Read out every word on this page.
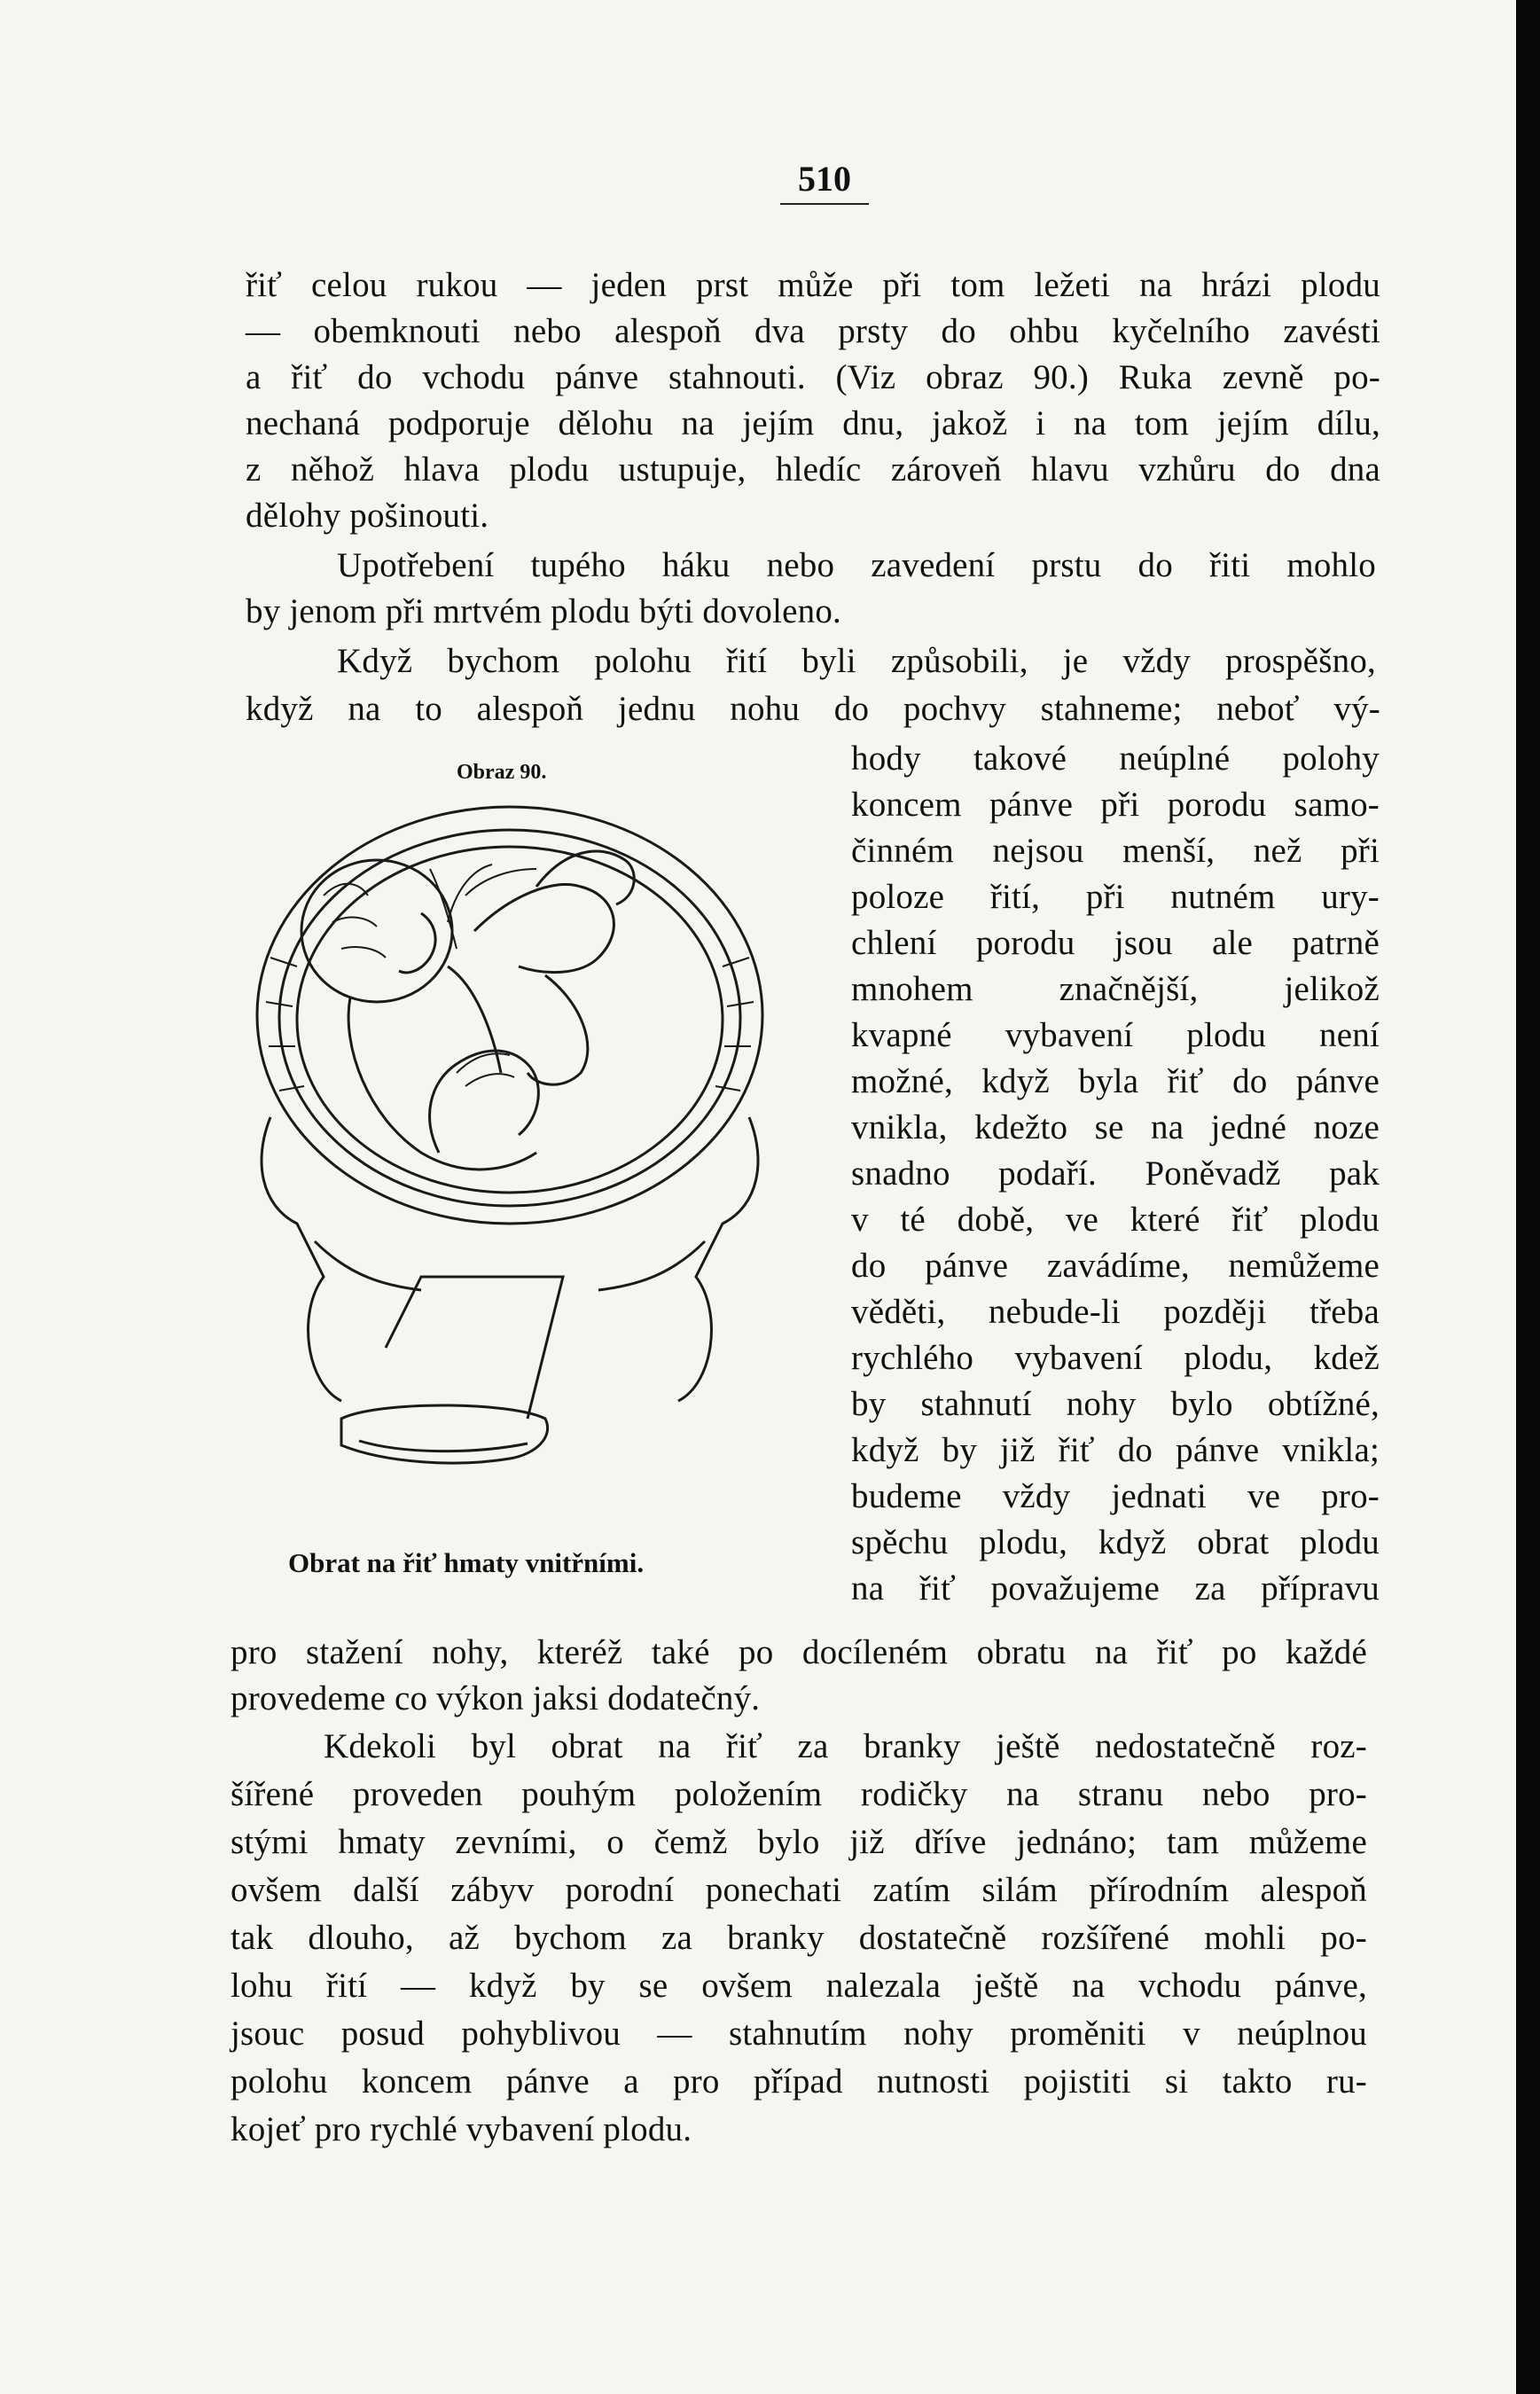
510
řiť celou rukou — jeden prst může při tom ležeti na hrázi plodu
— obemknouti nebo alespoň dva prsty do ohbu kyčelního zavésti
a řiť do vchodu pánve stahnouti. (Viz obraz 90.) Ruka zevně po-
nechaná podporuje dělohu na jejím dnu, jakož i na tom jejím dílu,
z něhož hlava plodu ustupuje, hledíc zároveň hlavu vzhůru do dna
dělohy pošinouti.
Upotřebení tupého háku nebo zavedení prstu do řiti mohlo
by jenom při mrtvém plodu býti dovoleno.
Když bychom polohu řití byli způsobili, je vždy prospěšno,
když na to alespoň jednu nohu do pochvy stahneme; neboť vý-
Obraz 90.
Obrat na řiť hmaty vnitřními.
hody takové neúplné polohy
koncem pánve při porodu samo-
činném nejsou menší, než při
poloze řití, při nutném ury-
chlení porodu jsou ale patrně
mnohem značnější, jelikož
kvapné vybavení plodu není
možné, když byla řiť do pánve
vnikla, kdežto se na jedné noze
snadno podaří. Poněvadž pak
v té době, ve které řiť plodu
do pánve zavádíme, nemůžeme
věděti, nebude-li později třeba
rychlého vybavení plodu, kdež
by stahnutí nohy bylo obtížné,
když by již řiť do pánve vnikla;
budeme vždy jednati ve pro-
spěchu plodu, když obrat plodu
na řiť považujeme za přípravu
pro stažení nohy, kteréž také po docíleném obratu na řiť po každé
provedeme co výkon jaksi dodatečný.
Kdekoli byl obrat na řiť za branky ještě nedostatečně roz-
šířené proveden pouhým položením rodičky na stranu nebo pro-
stými hmaty zevními, o čemž bylo již dříve jednáno; tam můžeme
ovšem další zábyv porodní ponechati zatím silám přírodním alespoň
tak dlouho, až bychom za branky dostatečně rozšířené mohli po-
lohu řití — když by se ovšem nalezala ještě na vchodu pánve,
jsouc posud pohyblivou — stahnutím nohy proměniti v neúplnou
polohu koncem pánve a pro případ nutnosti pojistiti si takto ru-
kojeť pro rychlé vybavení plodu.
